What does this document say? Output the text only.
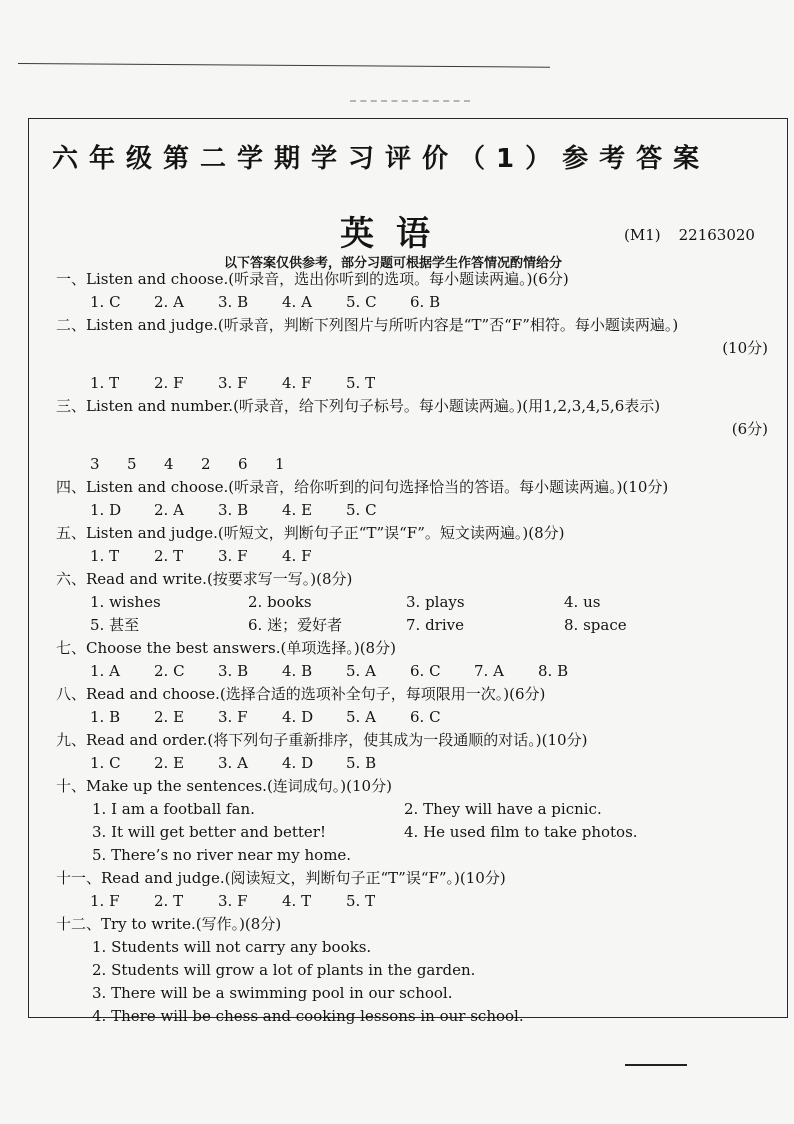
六年级第二学期学习评价（1）参考答案
英语	(M1) 22163020
以下答案仅供参考，部分习题可根据学生作答情况酌情给分
一、Listen and choose.(听录音，选出你听到的选项。每小题读两遍。)(6分)
1. C	2. A	3. B	4. A	5. C	6. B
二、Listen and judge.(听录音，判断下列图片与所听内容是“T”否“F”相符。每小题读两遍。)
(10分)
1. T	2. F	3. F	4. F	5. T
三、Listen and number.(听录音，给下列句子标号。每小题读两遍。)(用1,2,3,4,5,6表示)
(6分)
3	5	4	2	6	1
四、Listen and choose.(听录音，给你听到的问句选择恰当的答语。每小题读两遍。)(10分)
1. D	2. A	3. B	4. E	5. C
五、Listen and judge.(听短文，判断句子正“T”误“F”。短文读两遍。)(8分)
1. T	2. T	3. F	4. F
六、Read and write.(按要求写一写。)(8分)
1. wishes	2. books	3. plays	4. us
5. 甚至	6. 迷；爱好者	7. drive	8. space
七、Choose the best answers.(单项选择。)(8分)
1. A	2. C	3. B	4. B	5. A	6. C	7. A	8. B
八、Read and choose.(选择合适的选项补全句子，每项限用一次。)(6分)
1. B	2. E	3. F	4. D	5. A	6. C
九、Read and order.(将下列句子重新排序，使其成为一段通顺的对话。)(10分)
1. C	2. E	3. A	4. D	5. B
十、Make up the sentences.(连词成句。)(10分)
1. I am a football fan.	2. They will have a picnic.
3. It will get better and better!	4. He used film to take photos.
5. There’s no river near my home.
十一、Read and judge.(阅读短文，判断句子正“T”误“F”。)(10分)
1. F	2. T	3. F	4. T	5. T
十二、Try to write.(写作。)(8分)
1. Students will not carry any books.
2. Students will grow a lot of plants in the garden.
3. There will be a swimming pool in our school.
4. There will be chess and cooking lessons in our school.
